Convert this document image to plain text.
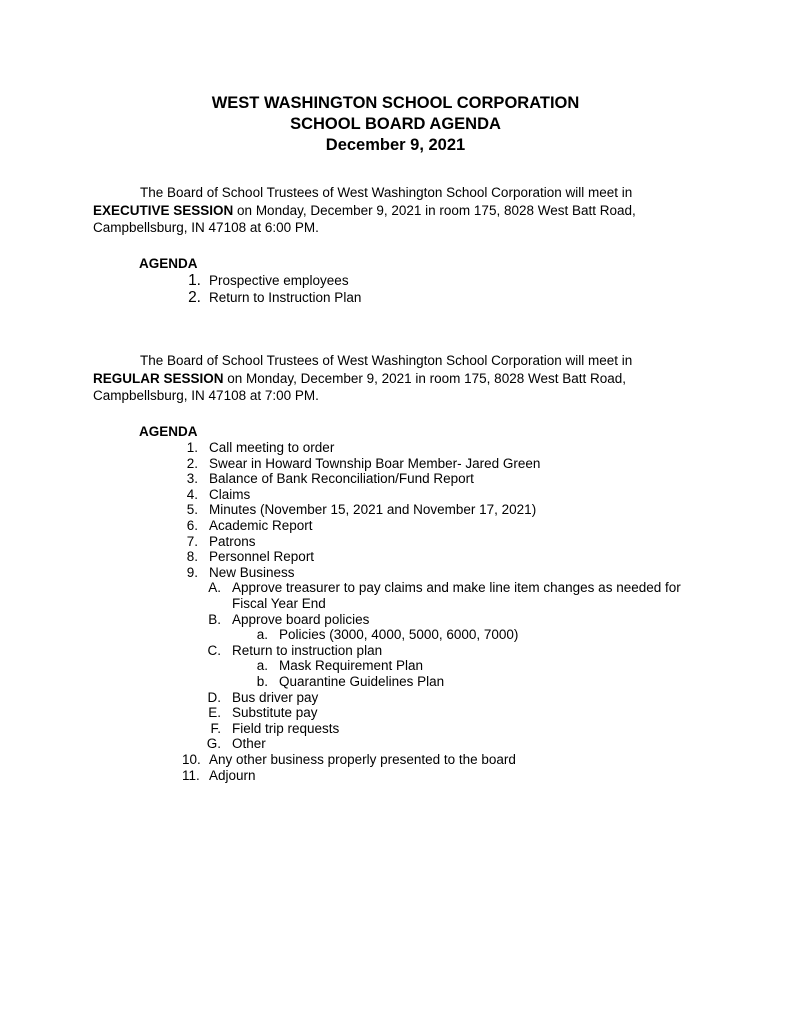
WEST WASHINGTON SCHOOL CORPORATION

SCHOOL BOARD AGENDA

December 9, 2021

The Board of School Trustees of West Washington School Corporation will meet in
EXECUTIVE SESSION on Monday, December 9, 2021 in room 175, 8028 West Batt Road,
Campbellsburg, IN 47108 at 6:00 PM.

AGENDA

1. Prospective employees
2. Return to Instruction Plan
The Board of School Trustees of West Washington School Corporation will meet in
REGULAR SESSION on Monday, December 9, 2021 in room 175, 8028 West Batt Road,
Campbellsburg, IN 47108 at 7:00 PM.

AGENDA

1. Call meeting to order
2. Swear in Howard Township Boar Member- Jared Green
3. Balance of Bank Reconciliation/Fund Report
4. Claims
5. Minutes (November 15, 2021 and November 17, 2021)
6. Academic Report
7. Patrons
8. Personnel Report
9. New Business
A. Approve treasurer to pay claims and make line item changes as needed for
Fiscal Year End
B. Approve board policies
a. Policies (3000, 4000, 5000, 6000, 7000)
C. Return to instruction plan
a. Mask Requirement Plan
b. Quarantine Guidelines Plan
D. Bus driver pay
E. Substitute pay
F. Field trip requests
G. Other
10. Any other business properly presented to the board
11. Adjourn
